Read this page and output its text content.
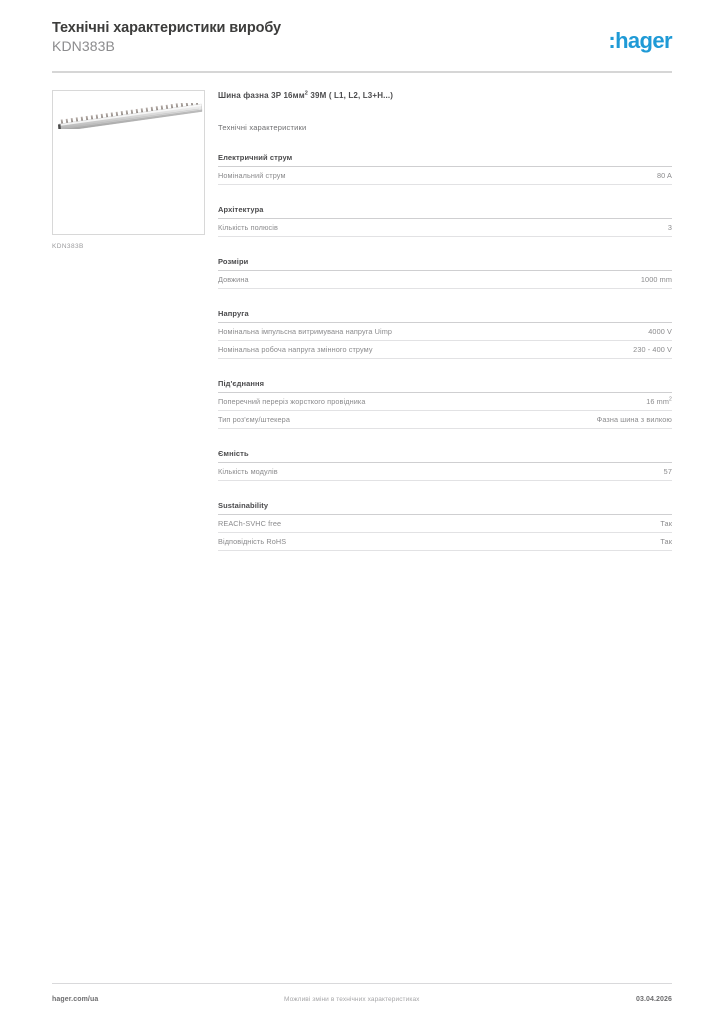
Технічні характеристики виробу
KDN383B	:hager
KDN383B
Шина фазна 3P $16мм^2$ 39M ( L1, L2, L3+H...)
Технічні характеристики
Електричний струм
Номінальний струм	80 A
Архітектура
Кількість полюсів	3
Розміри
Довжина	1000 mm
Напруга
Номінальна імпульсна витримувана напруга Uimp	4000 V
Номінальна робоча напруга змінного струму	230 - 400 V
Під'єднання
Поперечний переріз жорсткого провідника	16 $mm^2$
Тип роз'єму/штекера	Фазна шина з вилкою
Ємність
Кількість модулів	57
Sustainability
REACh-SVHC free	Так
Відповідність RoHS	Так
hager.com/ua	Можливі зміни в технічних характеристиках	03.04.2026
